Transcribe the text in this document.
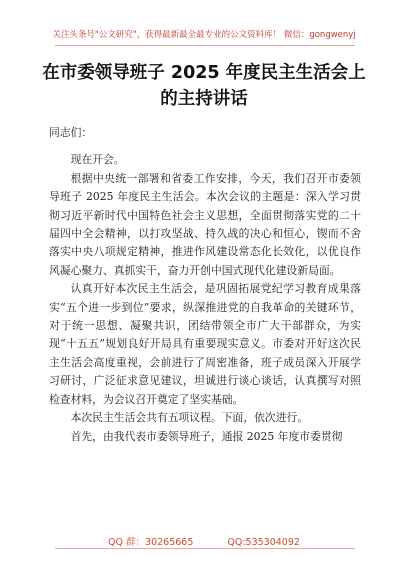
关注头条号"公文研究"，获得最新最全最专业的公文资料库！ 微信：gongwenyj
在市委领导班子 2025 年度民主生活会上
的主持讲话

同志们：

现在开会。

根据中央统一部署和省委工作安排，今天，我们召开市委领导班子 2025 年度民主生活会。本次会议的主题是：深入学习贯彻习近平新时代中国特色社会主义思想，全面贯彻落实党的二十届四中全会精神，以打攻坚战、持久战的决心和恒心，锲而不舍落实中央八项规定精神，推进作风建设常态化长效化，以优良作风凝心聚力、真抓实干，奋力开创中国式现代化建设新局面。

认真开好本次民主生活会，是巩固拓展党纪学习教育成果落实“五个进一步到位”要求，纵深推进党的自我革命的关键环节，对于统一思想、凝聚共识，团结带领全市广大干部群众，为实现“十五五”规划良好开局具有重要现实意义。市委对开好这次民主生活会高度重视，会前进行了周密准备，班子成员深入开展学习研讨，广泛征求意见建议，坦诚进行谈心谈话，认真撰写对照检查材料，为会议召开奠定了坚实基础。

本次民主生活会共有五项议程。下面，依次进行。

首先，由我代表市委领导班子，通报 2025 年度市委贯彻

QQ 群：30265665	QQ:535304092
